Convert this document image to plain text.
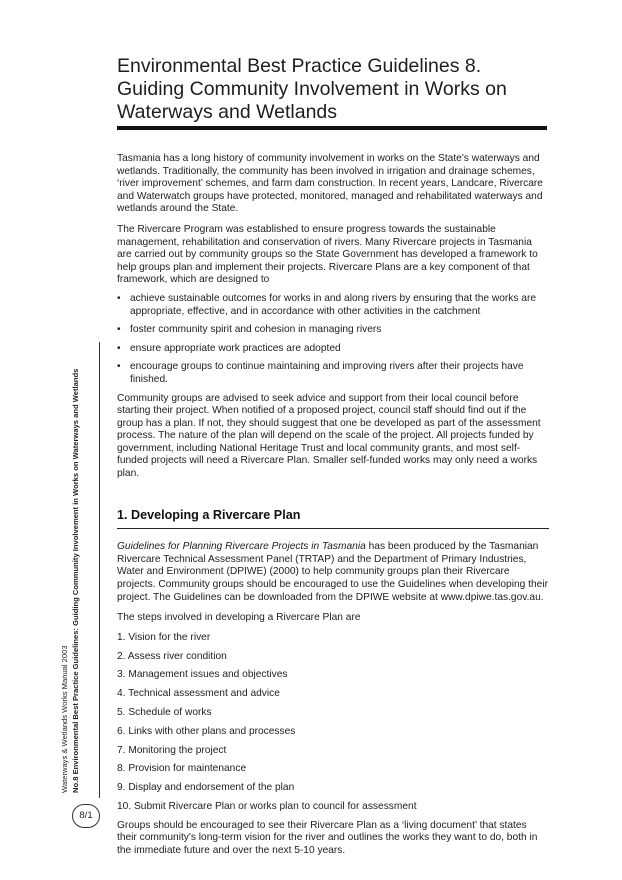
Environmental Best Practice Guidelines 8.
Guiding Community Involvement in Works on
Waterways and Wetlands

Tasmania has a long history of community involvement in works on the State's waterways and wetlands. Traditionally, the community has been involved in irrigation and drainage schemes, ‘river improvement’ schemes, and farm dam construction. In recent years, Landcare, Rivercare and Waterwatch groups have protected, monitored, managed and rehabilitated waterways and wetlands around the State.

The Rivercare Program was established to ensure progress towards the sustainable management, rehabilitation and conservation of rivers. Many Rivercare projects in Tasmania are carried out by community groups so the State Government has developed a framework to help groups plan and implement their projects. Rivercare Plans are a key component of that framework, which are designed to

• achieve sustainable outcomes for works in and along rivers by ensuring that the works are appropriate, effective, and in accordance with other activities in the catchment
• foster community spirit and cohesion in managing rivers
• ensure appropriate work practices are adopted
• encourage groups to continue maintaining and improving rivers after their projects have finished.

Community groups are advised to seek advice and support from their local council before starting their project. When notified of a proposed project, council staff should find out if the group has a plan. If not, they should suggest that one be developed as part of the assessment process. The nature of the plan will depend on the scale of the project. All projects funded by government, including National Heritage Trust and local community grants, and most self-funded projects will need a Rivercare Plan. Smaller self-funded works may only need a works plan.

1. Developing a Rivercare Plan

Guidelines for Planning Rivercare Projects in Tasmania has been produced by the Tasmanian Rivercare Technical Assessment Panel (TRTAP) and the Department of Primary Industries, Water and Environment (DPIWE) (2000) to help community groups plan their Rivercare projects. Community groups should be encouraged to use the Guidelines when developing their project. The Guidelines can be downloaded from the DPIWE website at www.dpiwe.tas.gov.au.

The steps involved in developing a Rivercare Plan are

1. Vision for the river
2. Assess river condition
3. Management issues and objectives
4. Technical assessment and advice
5. Schedule of works
6. Links with other plans and processes
7. Monitoring the project
8. Provision for maintenance
9. Display and endorsement of the plan
10. Submit Rivercare Plan or works plan to council for assessment

Groups should be encouraged to see their Rivercare Plan as a ‘living document’ that states their community's long-term vision for the river and outlines the works they want to do, both in the immediate future and over the next 5-10 years.

Waterways & Wetlands Works Manual 2003 No.8 Environmental Best Practice Guidelines: Guiding Community Involvement in Works on Waterways and Wetlands
8/1
